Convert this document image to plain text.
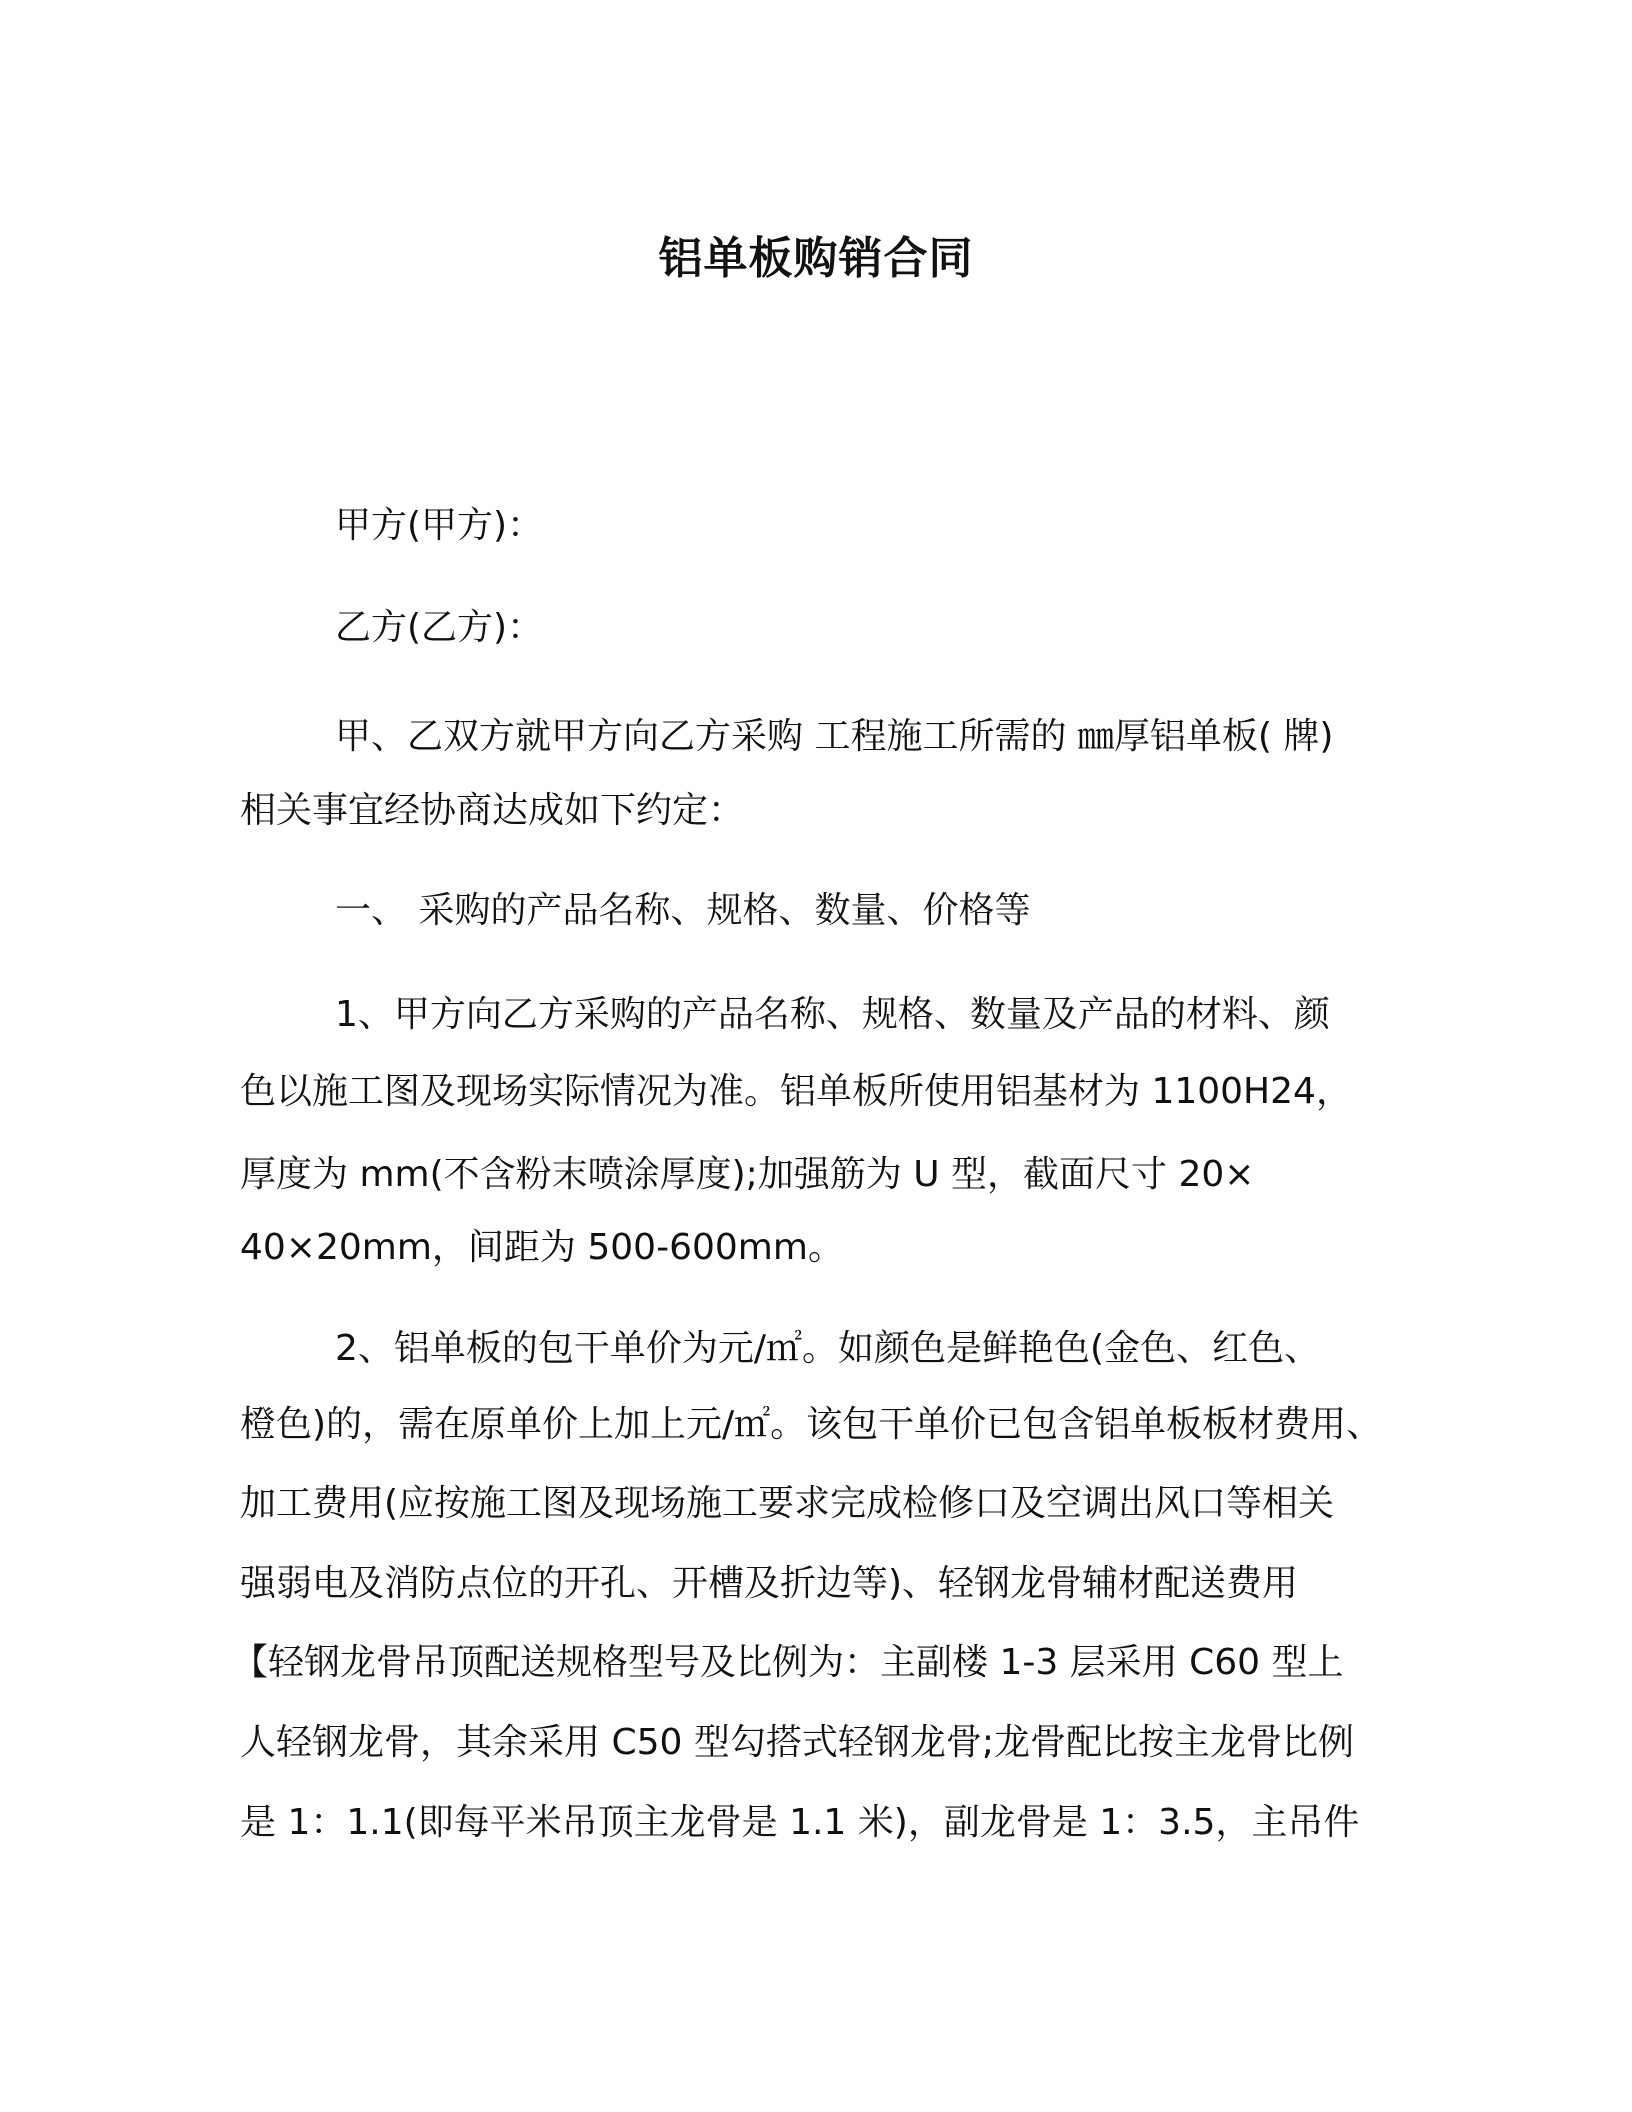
铝单板购销合同
甲方(甲方)：
乙方(乙方)：
甲、乙双方就甲方向乙方采购 工程施工所需的 ㎜厚铝单板( 牌)
相关事宜经协商达成如下约定：
一、 采购的产品名称、规格、数量、价格等
1、甲方向乙方采购的产品名称、规格、数量及产品的材料、颜
色以施工图及现场实际情况为准。铝单板所使用铝基材为 1100H24，
厚度为 mm(不含粉末喷涂厚度);加强筋为 U 型，截面尺寸 20×
40×20mm，间距为 500-600mm。
2、铝单板的包干单价为元/㎡。如颜色是鲜艳色(金色、红色、
橙色)的，需在原单价上加上元/㎡。该包干单价已包含铝单板板材费用、
加工费用(应按施工图及现场施工要求完成检修口及空调出风口等相关
强弱电及消防点位的开孔、开槽及折边等)、轻钢龙骨辅材配送费用
【轻钢龙骨吊顶配送规格型号及比例为：主副楼 1-3 层采用 C60 型上
人轻钢龙骨，其余采用 C50 型勾搭式轻钢龙骨;龙骨配比按主龙骨比例
是 1：1.1(即每平米吊顶主龙骨是 1.1 米)，副龙骨是 1：3.5，主吊件
